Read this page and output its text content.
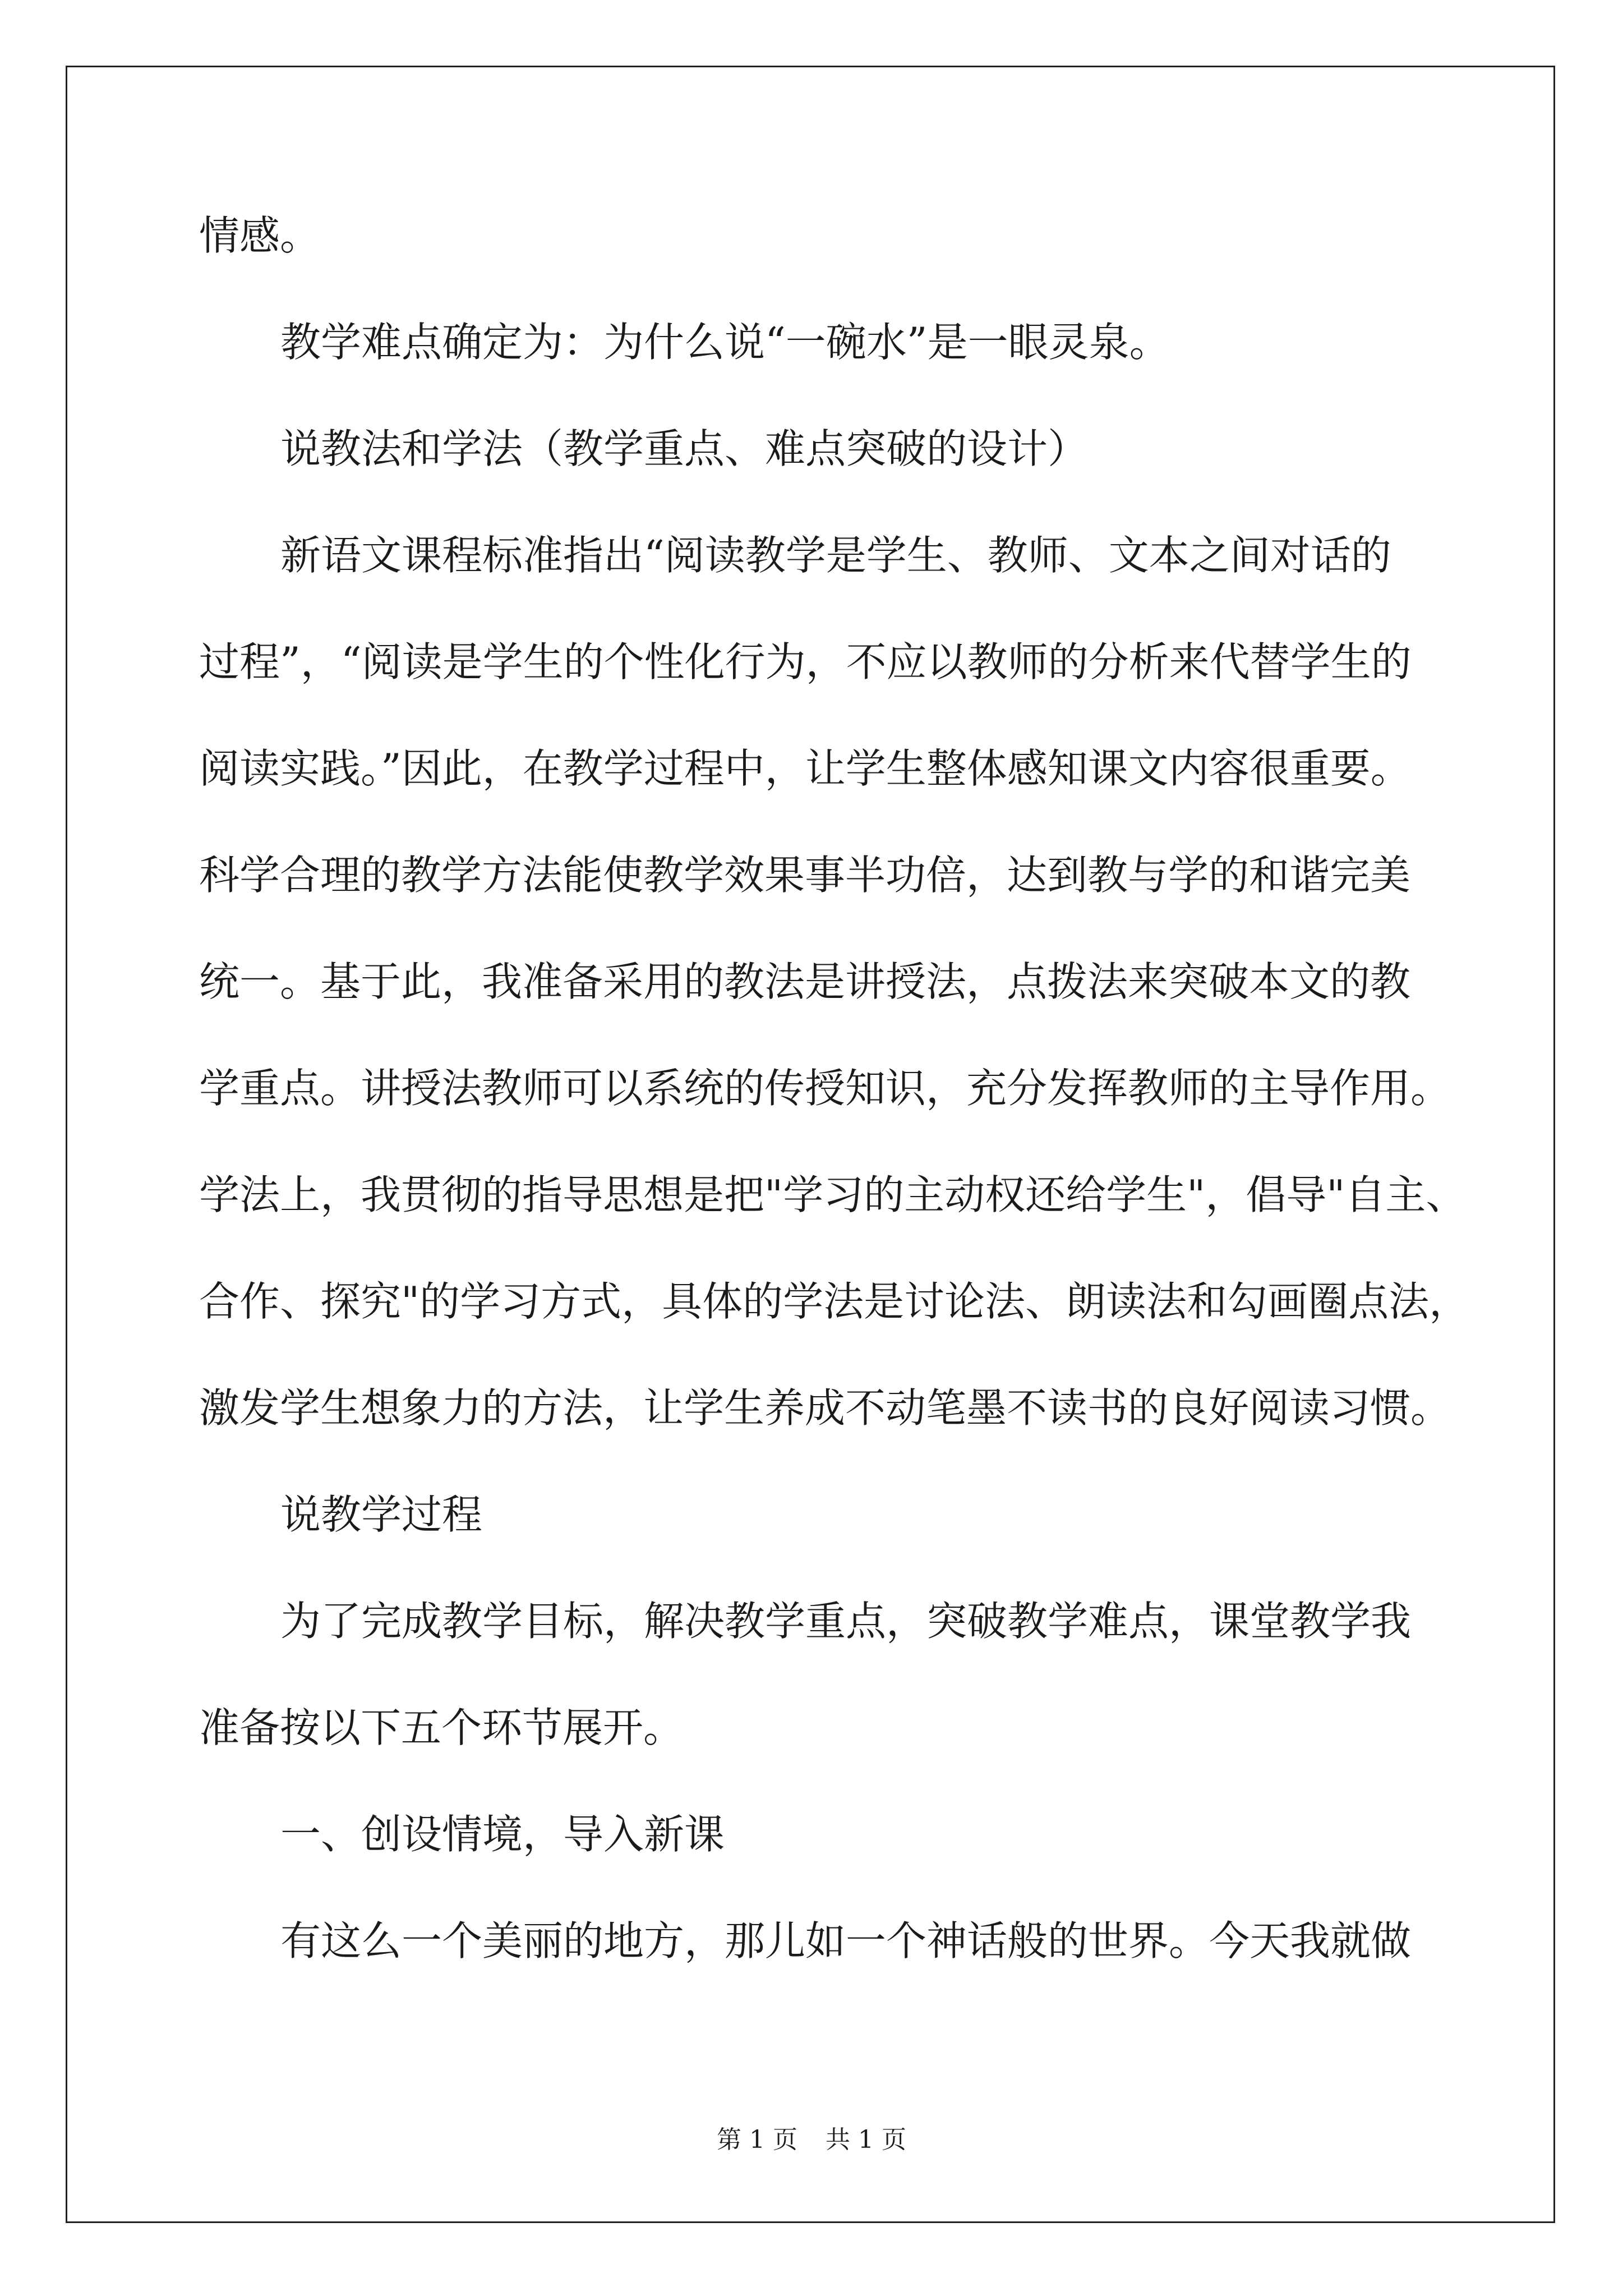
情感。
教学难点确定为：为什么说“一碗水”是一眼灵泉。
说教法和学法（教学重点、难点突破的设计）
新语文课程标准指出“阅读教学是学生、教师、文本之间对话的
过程”，“阅读是学生的个性化行为，不应以教师的分析来代替学生的
阅读实践。”因此，在教学过程中，让学生整体感知课文内容很重要。
科学合理的教学方法能使教学效果事半功倍，达到教与学的和谐完美
统一。基于此，我准备采用的教法是讲授法，点拨法来突破本文的教
学重点。讲授法教师可以系统的传授知识，充分发挥教师的主导作用。
学法上，我贯彻的指导思想是把"学习的主动权还给学生"，倡导"自主、
合作、探究"的学习方式，具体的学法是讨论法、朗读法和勾画圈点法，
激发学生想象力的方法，让学生养成不动笔墨不读书的良好阅读习惯。
说教学过程
为了完成教学目标，解决教学重点，突破教学难点，课堂教学我
准备按以下五个环节展开。
一、创设情境，导入新课
有这么一个美丽的地方，那儿如一个神话般的世界。今天我就做
第 1 页 共 1 页
